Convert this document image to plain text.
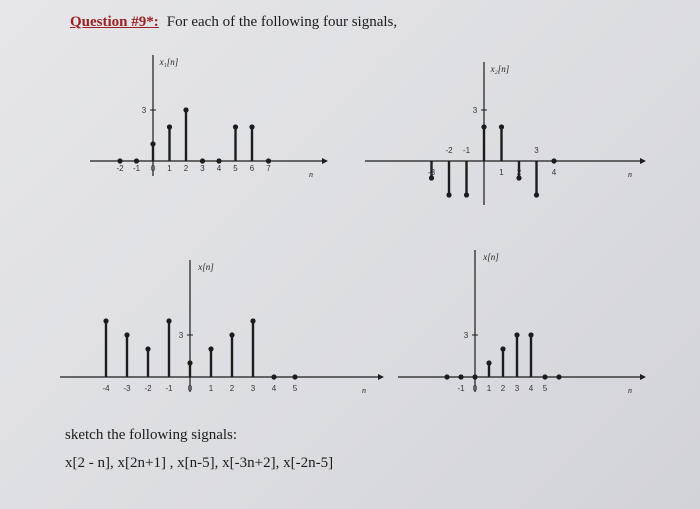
Question #9*: For each of the following four signals,
n
x₁[n]
3
-2 -1 0 1 2 3 4 5 6 7
n
x₂[n]
3
-3
-2 -1
1 2
3
4
n
x[n]
3
-4 -3 -2 -1 0 1 2 3 4 5	n
x[n]
3
-1 0 1 2 3 4 5
sketch the following signals:
x[2 - n], x[2n+1] , x[n-5], x[-3n+2], x[-2n-5]
